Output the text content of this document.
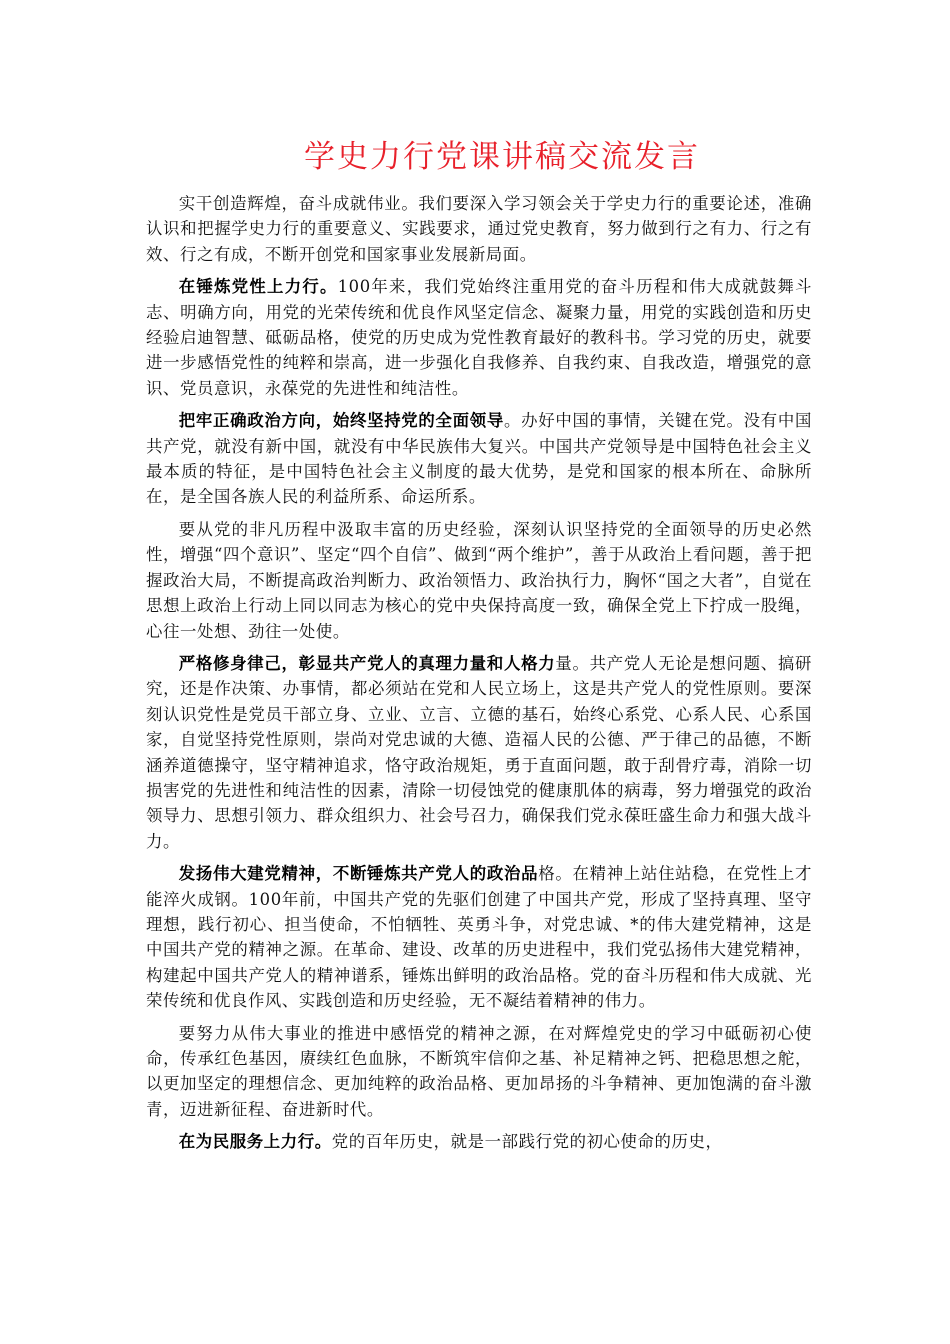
学史力行党课讲稿交流发言

实干创造辉煌，奋斗成就伟业。我们要深入学习领会关于学史力行的重要论述，准确认识和把握学史力行的重要意义、实践要求，通过党史教育，努力做到行之有力、行之有效、行之有成，不断开创党和国家事业发展新局面。

在锤炼党性上力行。100年来，我们党始终注重用党的奋斗历程和伟大成就鼓舞斗志、明确方向，用党的光荣传统和优良作风坚定信念、凝聚力量，用党的实践创造和历史经验启迪智慧、砥砺品格，使党的历史成为党性教育最好的教科书。学习党的历史，就要进一步感悟党性的纯粹和崇高，进一步强化自我修养、自我约束、自我改造，增强党的意识、党员意识，永葆党的先进性和纯洁性。

把牢正确政治方向，始终坚持党的全面领导。办好中国的事情，关键在党。没有中国共产党，就没有新中国，就没有中华民族伟大复兴。中国共产党领导是中国特色社会主义最本质的特征，是中国特色社会主义制度的最大优势，是党和国家的根本所在、命脉所在，是全国各族人民的利益所系、命运所系。

要从党的非凡历程中汲取丰富的历史经验，深刻认识坚持党的全面领导的历史必然性，增强“四个意识”、坚定“四个自信”、做到“两个维护”，善于从政治上看问题，善于把握政治大局，不断提高政治判断力、政治领悟力、政治执行力，胸怀“国之大者”，自觉在思想上政治上行动上同以同志为核心的党中央保持高度一致，确保全党上下拧成一股绳，心往一处想、劲往一处使。

严格修身律己，彰显共产党人的真理力量和人格力量。共产党人无论是想问题、搞研究，还是作决策、办事情，都必须站在党和人民立场上，这是共产党人的党性原则。要深刻认识党性是党员干部立身、立业、立言、立德的基石，始终心系党、心系人民、心系国家，自觉坚持党性原则，崇尚对党忠诚的大德、造福人民的公德、严于律己的品德，不断涵养道德操守，坚守精神追求，恪守政治规矩，勇于直面问题，敢于刮骨疗毒，消除一切损害党的先进性和纯洁性的因素，清除一切侵蚀党的健康肌体的病毒，努力增强党的政治领导力、思想引领力、群众组织力、社会号召力，确保我们党永葆旺盛生命力和强大战斗力。

发扬伟大建党精神，不断锤炼共产党人的政治品格。在精神上站住站稳，在党性上才能淬火成钢。100年前，中国共产党的先驱们创建了中国共产党，形成了坚持真理、坚守理想，践行初心、担当使命，不怕牺牲、英勇斗争，对党忠诚、*的伟大建党精神，这是中国共产党的精神之源。在革命、建设、改革的历史进程中，我们党弘扬伟大建党精神，构建起中国共产党人的精神谱系，锤炼出鲜明的政治品格。党的奋斗历程和伟大成就、光荣传统和优良作风、实践创造和历史经验，无不凝结着精神的伟力。

要努力从伟大事业的推进中感悟党的精神之源，在对辉煌党史的学习中砥砺初心使命，传承红色基因，赓续红色血脉，不断筑牢信仰之基、补足精神之钙、把稳思想之舵，以更加坚定的理想信念、更加纯粹的政治品格、更加昂扬的斗争精神、更加饱满的奋斗激青，迈进新征程、奋进新时代。

在为民服务上力行。党的百年历史，就是一部践行党的初心使命的历史，
